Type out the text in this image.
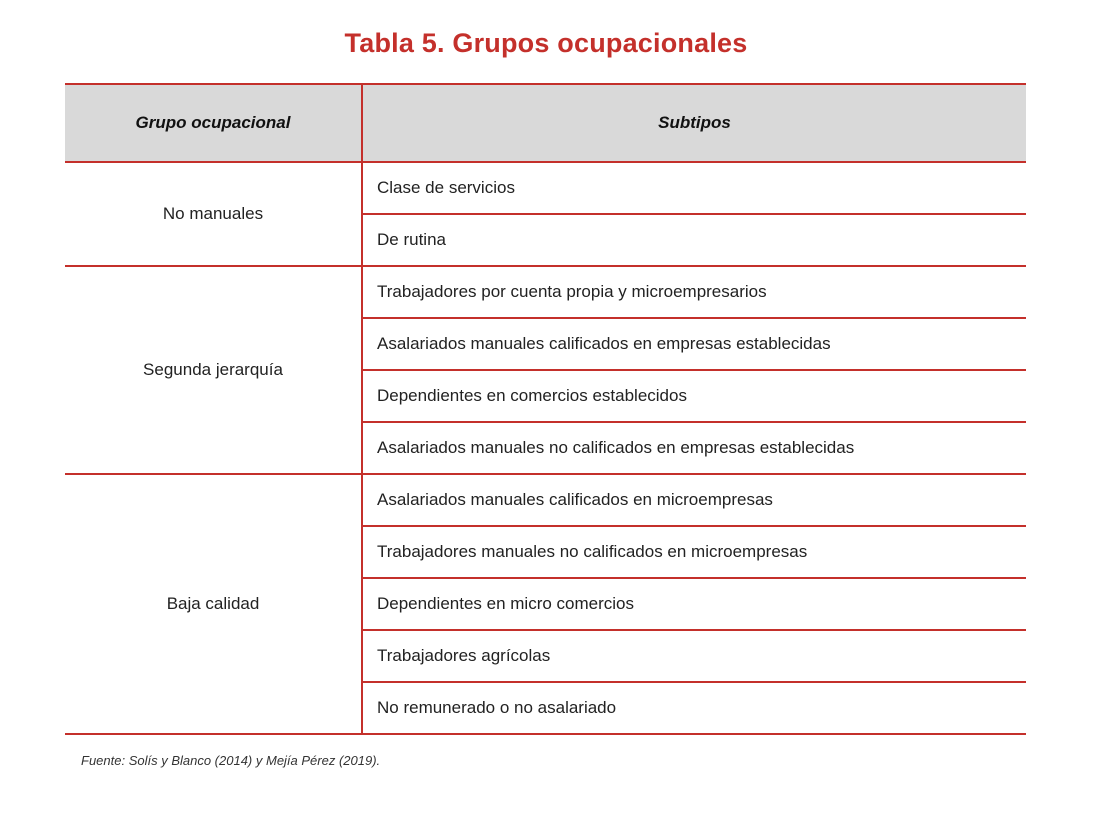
Tabla 5. Grupos ocupacionales
Grupo ocupacional	Subtipos
No manuales	Clase de servicios
	De rutina
Segunda jerarquía	Trabajadores por cuenta propia y microempresarios
	Asalariados manuales calificados en empresas establecidas
	Dependientes en comercios establecidos
	Asalariados manuales no calificados en empresas establecidas
Baja calidad	Asalariados manuales calificados en microempresas
	Trabajadores manuales no calificados en microempresas
	Dependientes en micro comercios
	Trabajadores agrícolas
	No remunerado o no asalariado
Fuente: Solís y Blanco (2014) y Mejía Pérez (2019).
